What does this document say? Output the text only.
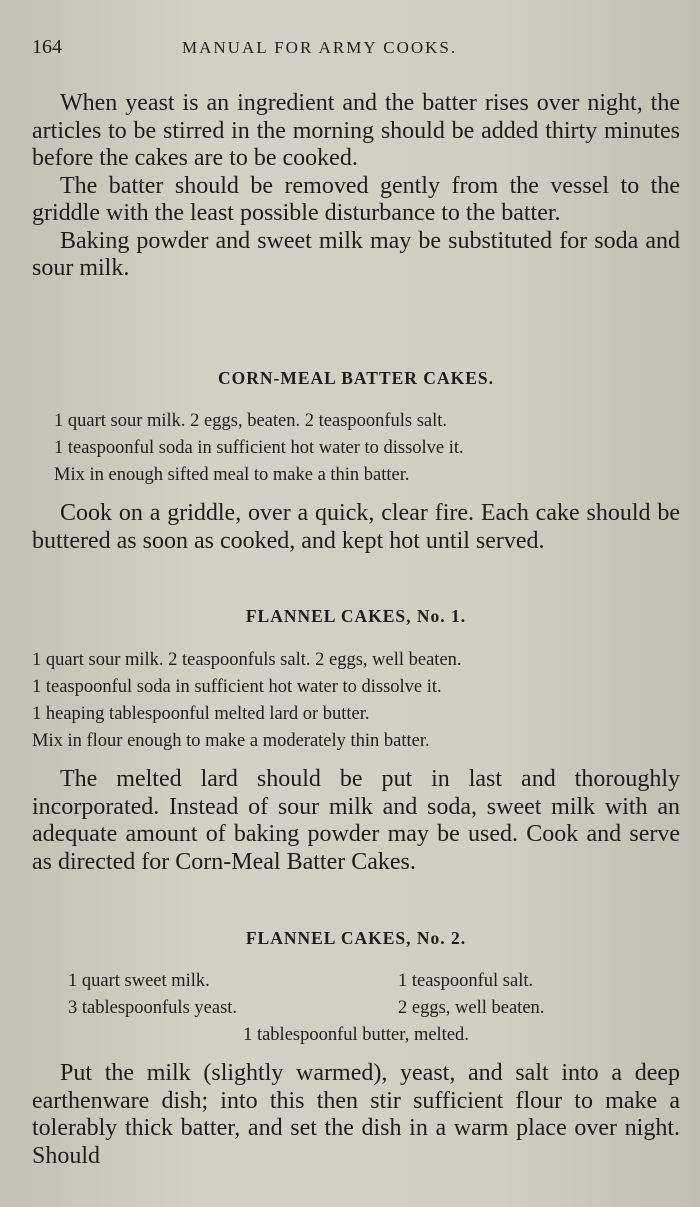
164	MANUAL FOR ARMY COOKS.

When yeast is an ingredient and the batter rises over night, the articles to be stirred in the morning should be added thirty minutes before the cakes are to be cooked.

The batter should be removed gently from the vessel to the griddle with the least possible disturbance to the batter.

Baking powder and sweet milk may be substituted for soda and sour milk.

CORN-MEAL BATTER CAKES.

1 quart sour milk. 2 eggs, beaten. 2 teaspoonfuls salt.

1 teaspoonful soda in sufficient hot water to dissolve it.

Mix in enough sifted meal to make a thin batter.

Cook on a griddle, over a quick, clear fire. Each cake should be buttered as soon as cooked, and kept hot until served.

FLANNEL CAKES, No. 1.

1 quart sour milk. 2 teaspoonfuls salt. 2 eggs, well beaten.

1 teaspoonful soda in sufficient hot water to dissolve it.

1 heaping tablespoonful melted lard or butter.

Mix in flour enough to make a moderately thin batter.

The melted lard should be put in last and thoroughly incorporated. Instead of sour milk and soda, sweet milk with an adequate amount of baking powder may be used. Cook and serve as directed for Corn-Meal Batter Cakes.

FLANNEL CAKES, No. 2.
1 quart sweet milk.	1 teaspoonful salt.
3 tablespoonfuls yeast.	2 eggs, well beaten.
1 tablespoonful butter, melted.

Put the milk (slightly warmed), yeast, and salt into a deep earthenware dish; into this then stir sufficient flour to make a tolerably thick batter, and set the dish in a warm place over night. Should
